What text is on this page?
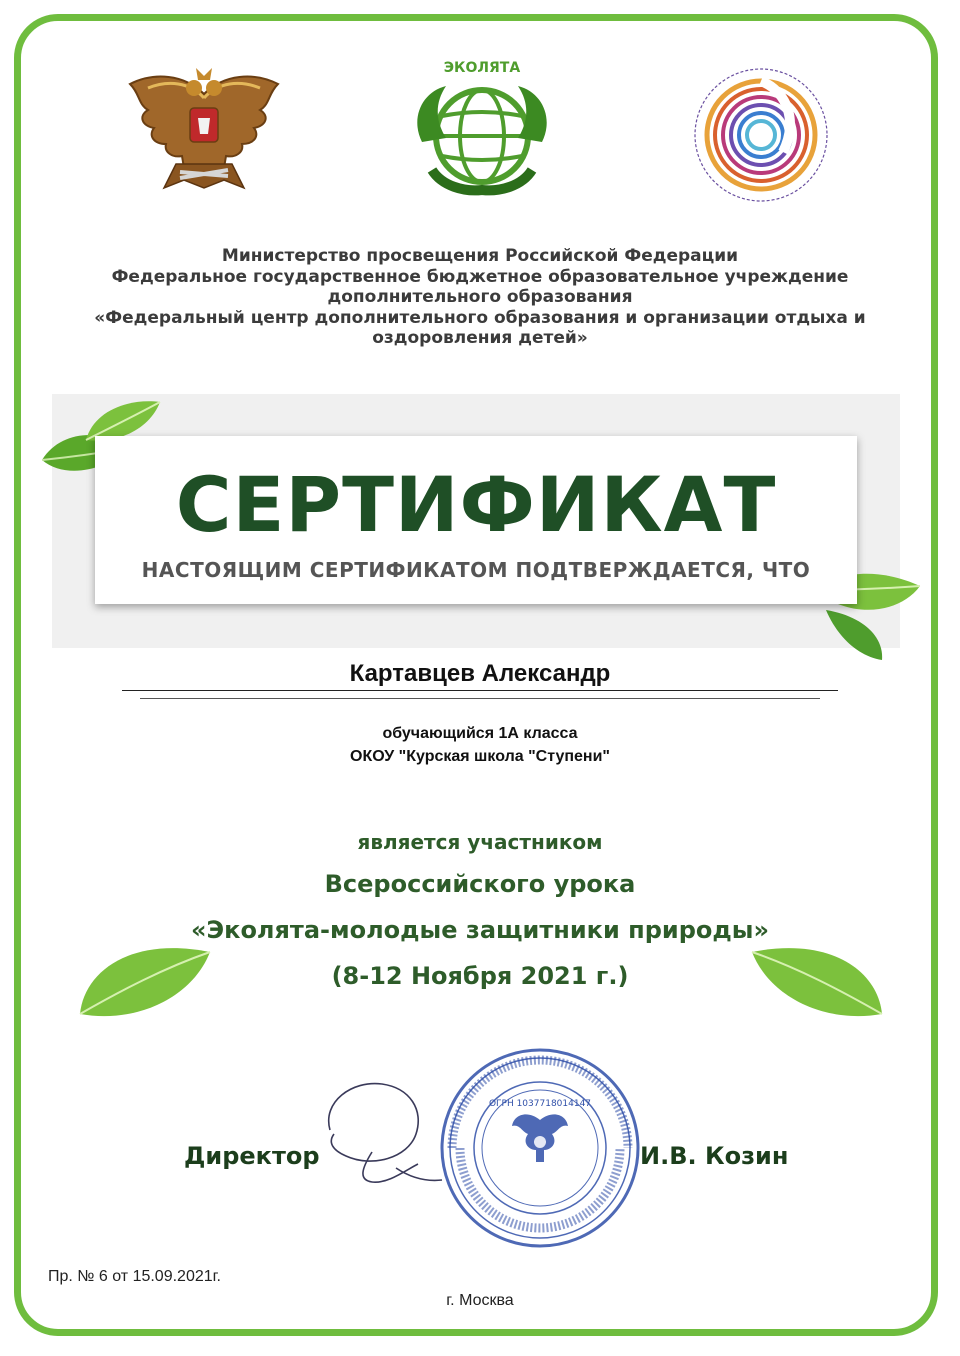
ЭКОЛЯТА
Министерство просвещения Российской Федерации
Федеральное государственное бюджетное образовательное учреждение
дополнительного образования
«Федеральный центр дополнительного образования и организации отдыха и
оздоровления детей»
СЕРТИФИКАТ
НАСТОЯЩИМ СЕРТИФИКАТОМ ПОДТВЕРЖДАЕТСЯ, ЧТО
Картавцев Александр
обучающийся 1А класса
ОКОУ "Курская школа "Ступени"
является участником
Всероссийского урока
«Эколята-молодые защитники природы»
(8-12 Ноября 2021 г.)
Директор	И.В. Козин
ОГРН 1037718014147
Пр. № 6 от 15.09.2021г.
г. Москва
